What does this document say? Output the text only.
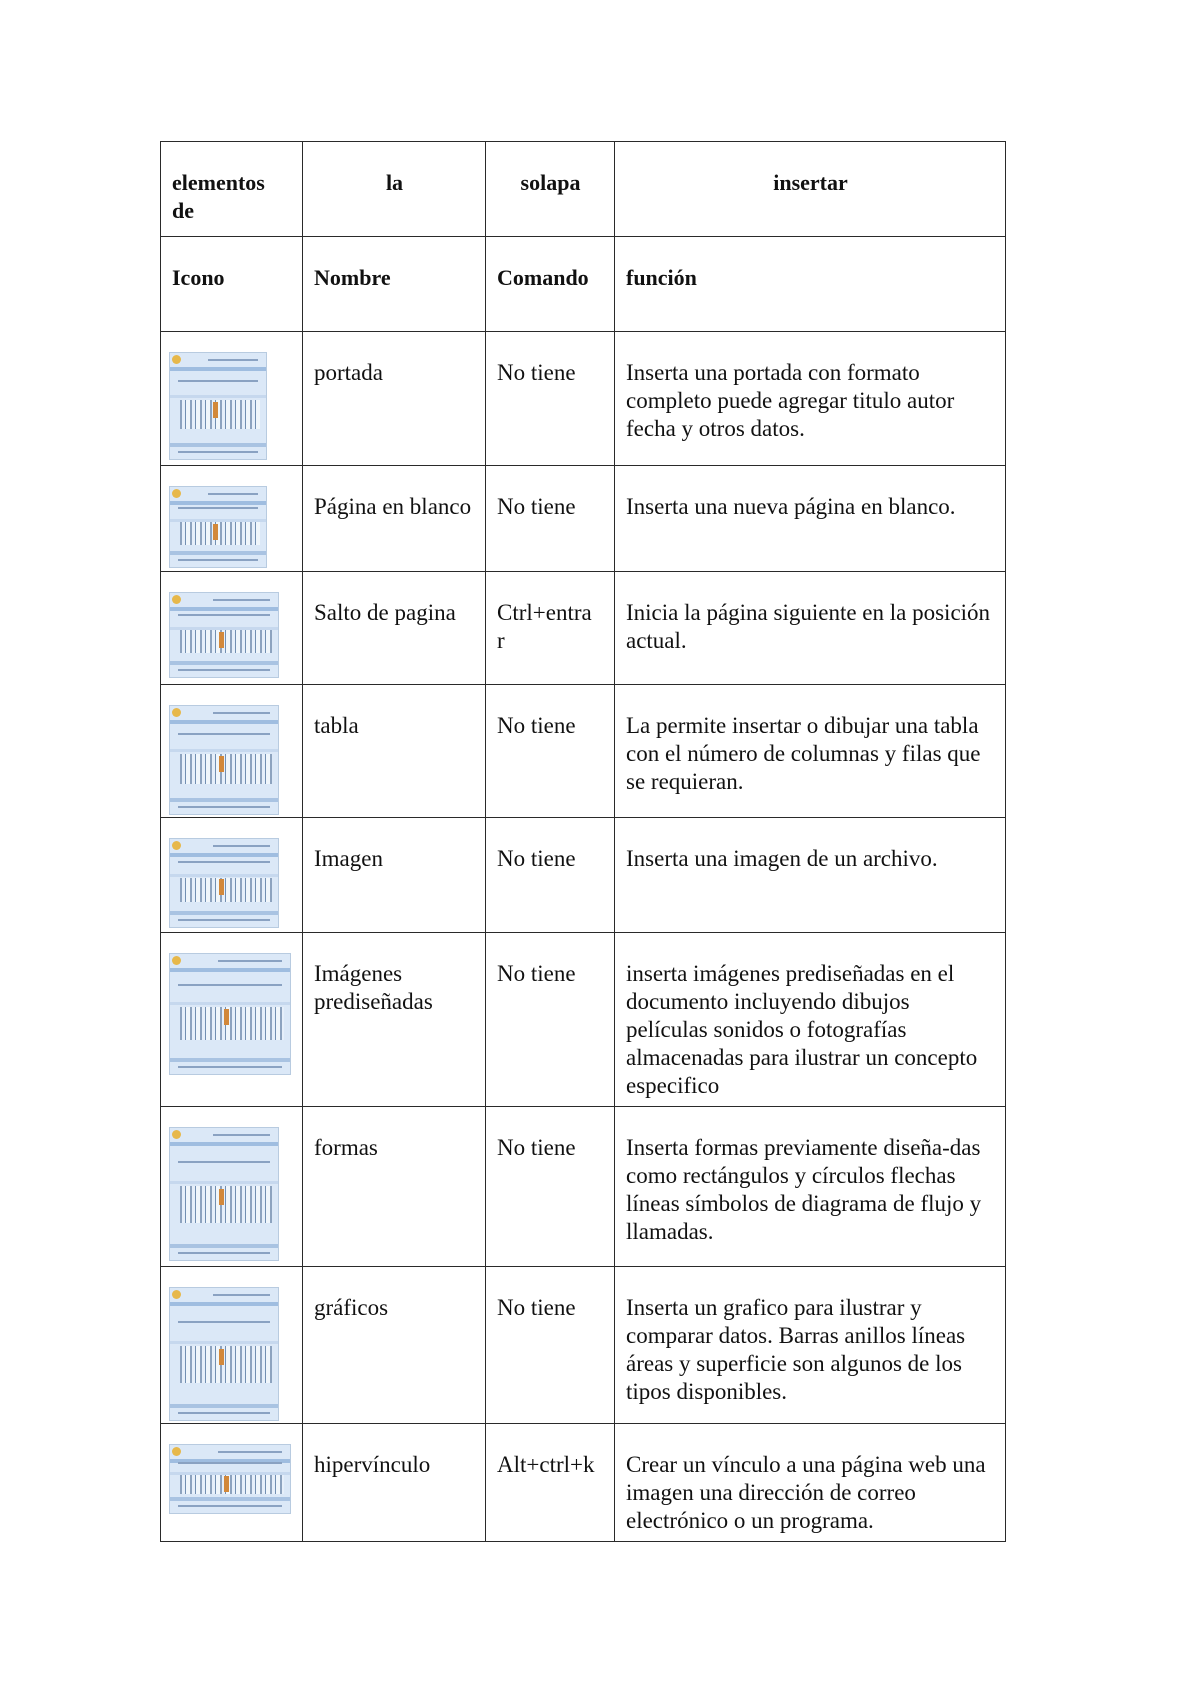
elementos de	la	solapa	insertar
Icono	Nombre	Comando	función

	portada	No tiene	Inserta una portada con formato completo puede agregar titulo autor fecha y otros datos.

	Página en blanco	No tiene	Inserta una nueva página en blanco.

	Salto de pagina	Ctrl+entra r	Inicia la página siguiente en la posición actual.

	tabla	No tiene	La permite insertar o dibujar una tabla con el número de columnas y filas que se requieran.

	Imagen	No tiene	Inserta una imagen de un archivo.

	Imágenes prediseñadas	No tiene	inserta imágenes prediseñadas en el documento incluyendo dibujos películas sonidos o fotografías almacenadas para ilustrar un concepto especifico

	formas	No tiene	Inserta formas previamente diseña-das como rectángulos y círculos flechas líneas símbolos de diagrama de flujo y llamadas.

	gráficos	No tiene	Inserta un grafico para ilustrar y comparar datos. Barras anillos líneas áreas y superficie son algunos de los tipos disponibles.

	hipervínculo	Alt+ctrl+k	Crear un vínculo a una página web una imagen una dirección de correo electrónico o un programa.
